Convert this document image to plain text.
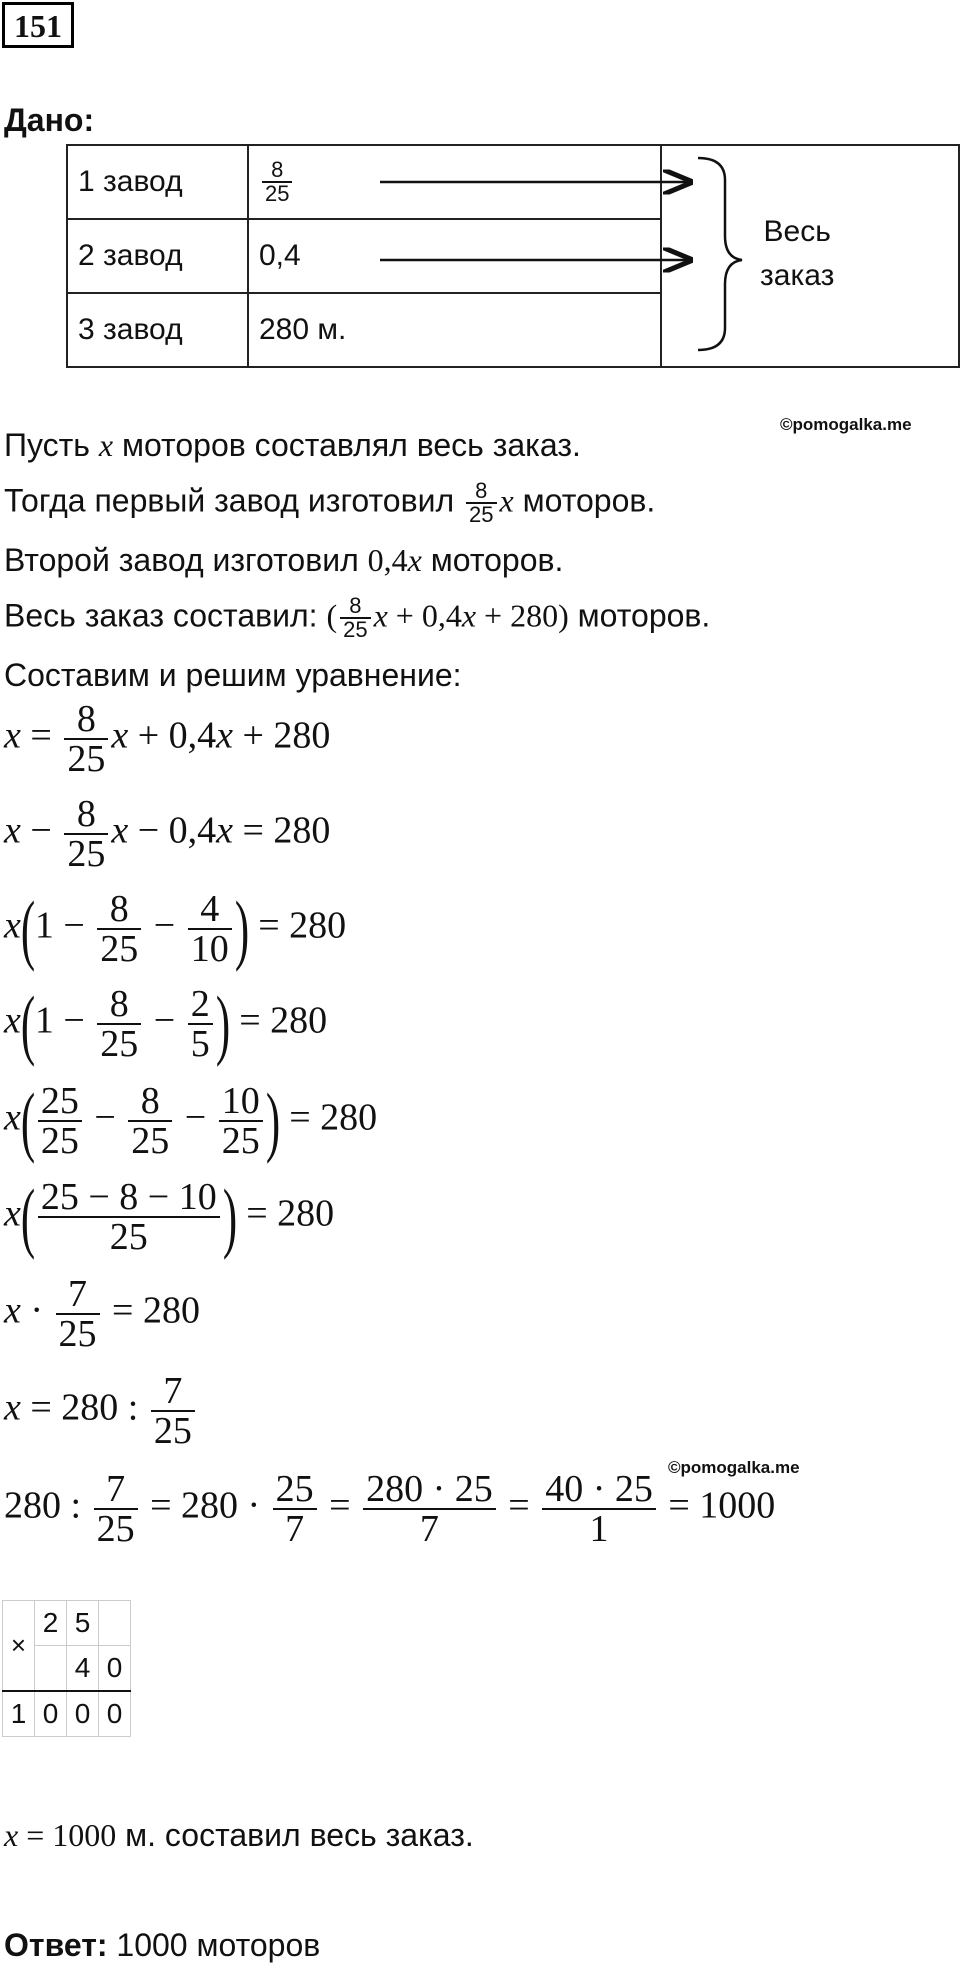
151
Дано:
1 завод	$\frac{8}{25}$

2 завод	0,4	
3 завод	280 м.	
Весь
заказ
©pomogalka.me
Пусть x моторов составлял весь заказ.
Тогда первый завод изготовил $\frac{8}{25}$ x моторов.
Второй завод изготовил 0,4x моторов.
Весь заказ составил: ( $\frac{8}{25}$ x + 0,4x + 280) моторов.
Составим и решим уравнение:
$x = \frac{8}{25}$ x + 0,4x + 280
$x - \frac{8}{25}$ x − 0,4x = 280
$x(1 - \frac{8}{25} - \frac{4}{10}$ ) = 280
$x(1 - \frac{8}{25} - \frac{2}{5}$ ) = 280
$x( \frac{25}{25} - \frac{8}{25} - \frac{10}{25}$ ) = 280
$x( \frac{25 - 8 - 10}{25}$ ) = 280
$x \cdot \frac{7}{25} = 280$
x = 280 : $\frac{7}{25}$
©pomogalka.me
280 : $\frac{7}{25} = 280 \cdot \frac{25}{7} = \frac{280 \cdot 25}{7} = \frac{40 \cdot 25}{1} = 1000$
×	2	5	
		4	0
1	0	0	0
x = 1000 м. составил весь заказ.
Ответ: 1000 моторов
